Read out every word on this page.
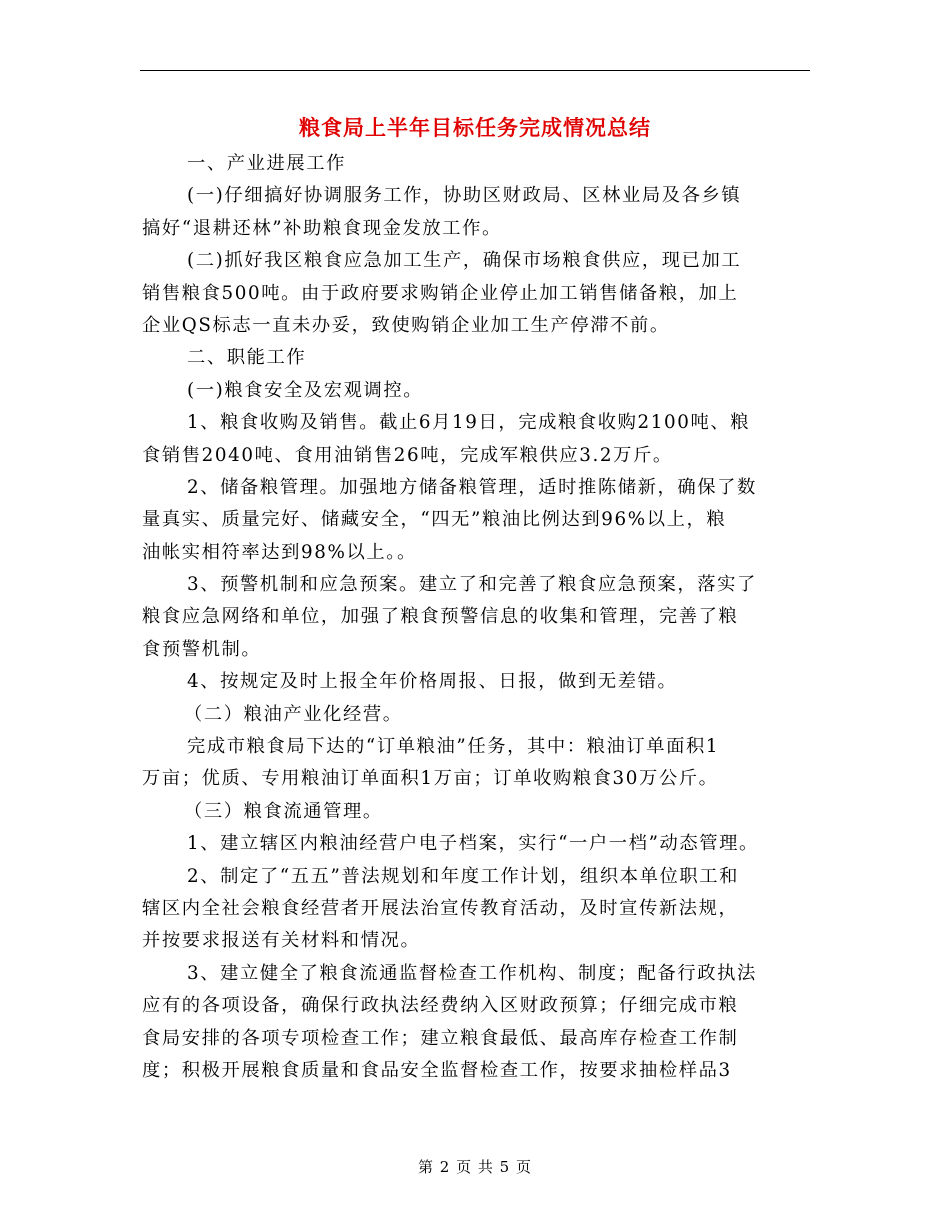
粮食局上半年目标任务完成情况总结
一、产业进展工作
(一)仔细搞好协调服务工作，协助区财政局、区林业局及各乡镇
搞好“退耕还林”补助粮食现金发放工作。
(二)抓好我区粮食应急加工生产，确保市场粮食供应，现已加工
销售粮食500吨。由于政府要求购销企业停止加工销售储备粮，加上
企业QS标志一直未办妥，致使购销企业加工生产停滞不前。
二、职能工作
(一)粮食安全及宏观调控。
1、粮食收购及销售。截止6月19日，完成粮食收购2100吨、粮
食销售2040吨、食用油销售26吨，完成军粮供应3.2万斤。
2、储备粮管理。加强地方储备粮管理，适时推陈储新，确保了数
量真实、质量完好、储藏安全，“四无”粮油比例达到96%以上，粮
油帐实相符率达到98%以上。。
3、预警机制和应急预案。建立了和完善了粮食应急预案，落实了
粮食应急网络和单位，加强了粮食预警信息的收集和管理，完善了粮
食预警机制。
4、按规定及时上报全年价格周报、日报，做到无差错。
（二）粮油产业化经营。
完成市粮食局下达的“订单粮油”任务，其中：粮油订单面积1
万亩；优质、专用粮油订单面积1万亩；订单收购粮食30万公斤。
（三）粮食流通管理。
1、建立辖区内粮油经营户电子档案，实行“一户一档”动态管理。
2、制定了“五五”普法规划和年度工作计划，组织本单位职工和
辖区内全社会粮食经营者开展法治宣传教育活动，及时宣传新法规，
并按要求报送有关材料和情况。
3、建立健全了粮食流通监督检查工作机构、制度；配备行政执法
应有的各项设备，确保行政执法经费纳入区财政预算；仔细完成市粮
食局安排的各项专项检查工作；建立粮食最低、最高库存检查工作制
度；积极开展粮食质量和食品安全监督检查工作，按要求抽检样品3
第 2 页 共 5 页
